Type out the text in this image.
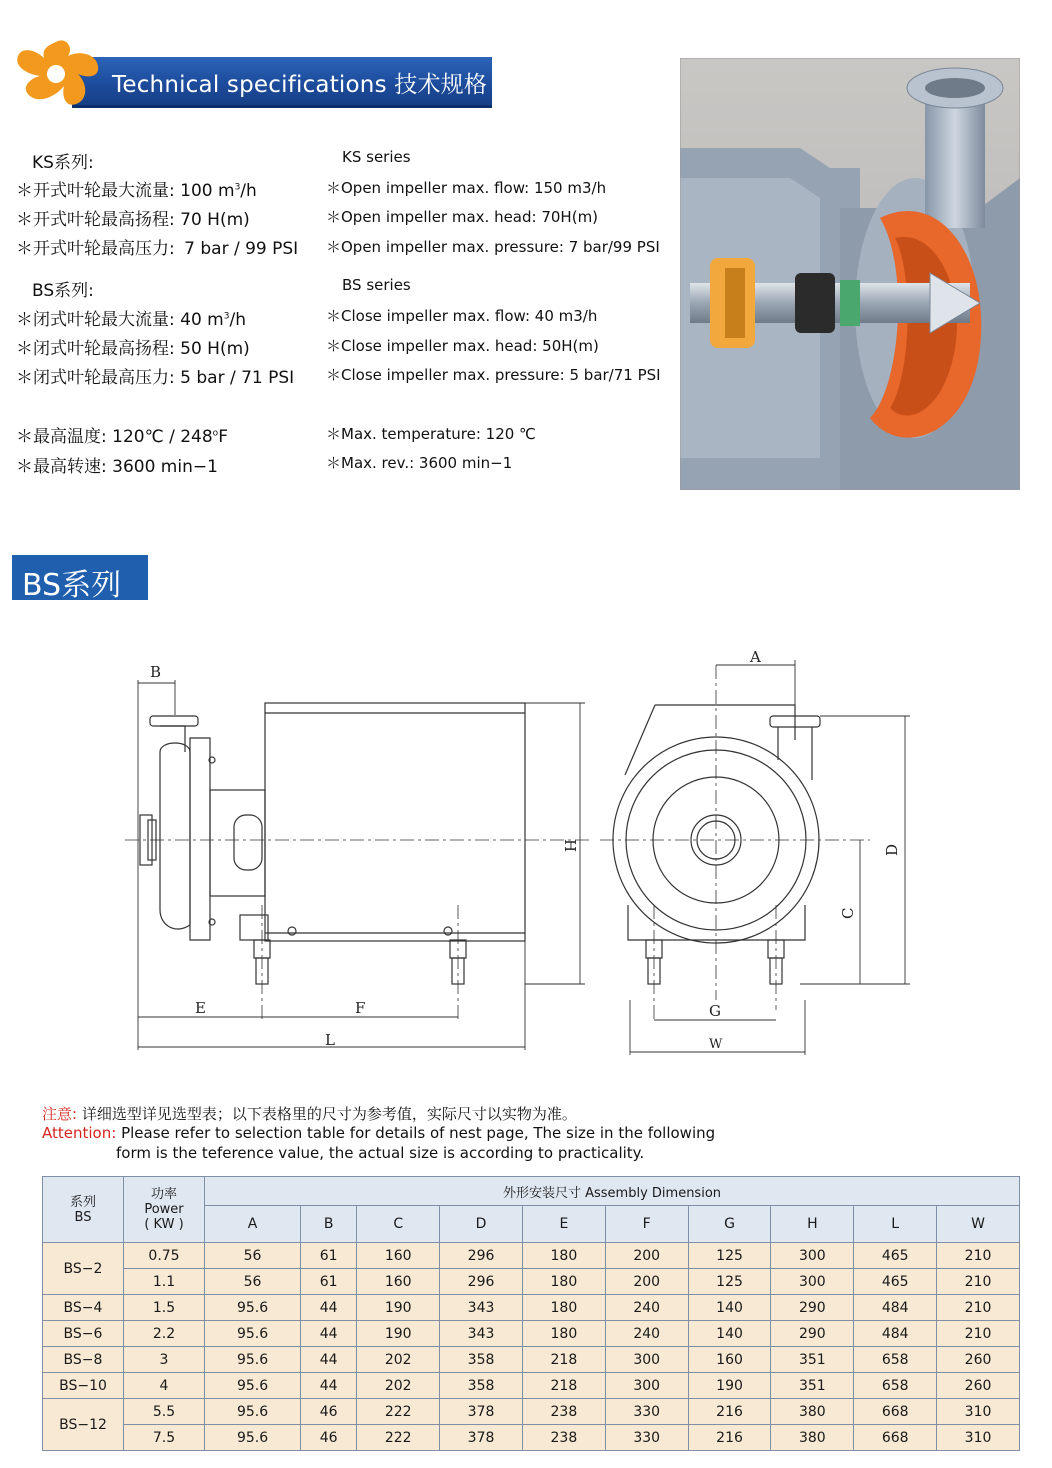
Technical specifications 技术规格
KS系列:
＊开式叶轮最大流量: 100 $m^3/h$
＊开式叶轮最高扬程: 70 H(m)
＊开式叶轮最高压力: 7 bar / 99 PSI
KS series
＊Open impeller max. flow: 150 m3/h
＊Open impeller max. head: 70H(m)
＊Open impeller max. pressure: 7 bar/99 PSI
BS系列:
＊闭式叶轮最大流量: 40 $m^3/h$
＊闭式叶轮最高扬程: 50 H(m)
＊闭式叶轮最高压力: 5 bar / 71 PSI
BS series
＊Close impeller max. flow: 40 m3/h
＊Close impeller max. head: 50H(m)
＊Close impeller max. pressure: 5 bar/71 PSI
＊最高温度: 120℃ / 248$^o$F
＊最高转速: 3600 min−1
＊Max. temperature: 120 ℃
＊Max. rev.: 3600 min−1
BS系列
B
E	F
L
H
A
D
C
G
W
注意: 详细选型详见选型表；以下表格里的尺寸为参考值，实际尺寸以实物为准。
Attention: Please refer to selection table for details of nest page, The size in the following
form is the teference value, the actual size is according to practicality.
系列
BS	功率
Power
( KW )	外形安装尺寸 Assembly Dimension									
		A	B	C	D	E	F	G	H	L	W
BS−2	0.75	56	61	160	296	180	200	125	300	465	210
	1.1	56	61	160	296	180	200	125	300	465	210
BS−4	1.5	95.6	44	190	343	180	240	140	290	484	210
BS−6	2.2	95.6	44	190	343	180	240	140	290	484	210
BS−8	3	95.6	44	202	358	218	300	160	351	658	260
BS−10	4	95.6	44	202	358	218	300	190	351	658	260
BS−12	5.5	95.6	46	222	378	238	330	216	380	668	310
	7.5	95.6	46	222	378	238	330	216	380	668	310
